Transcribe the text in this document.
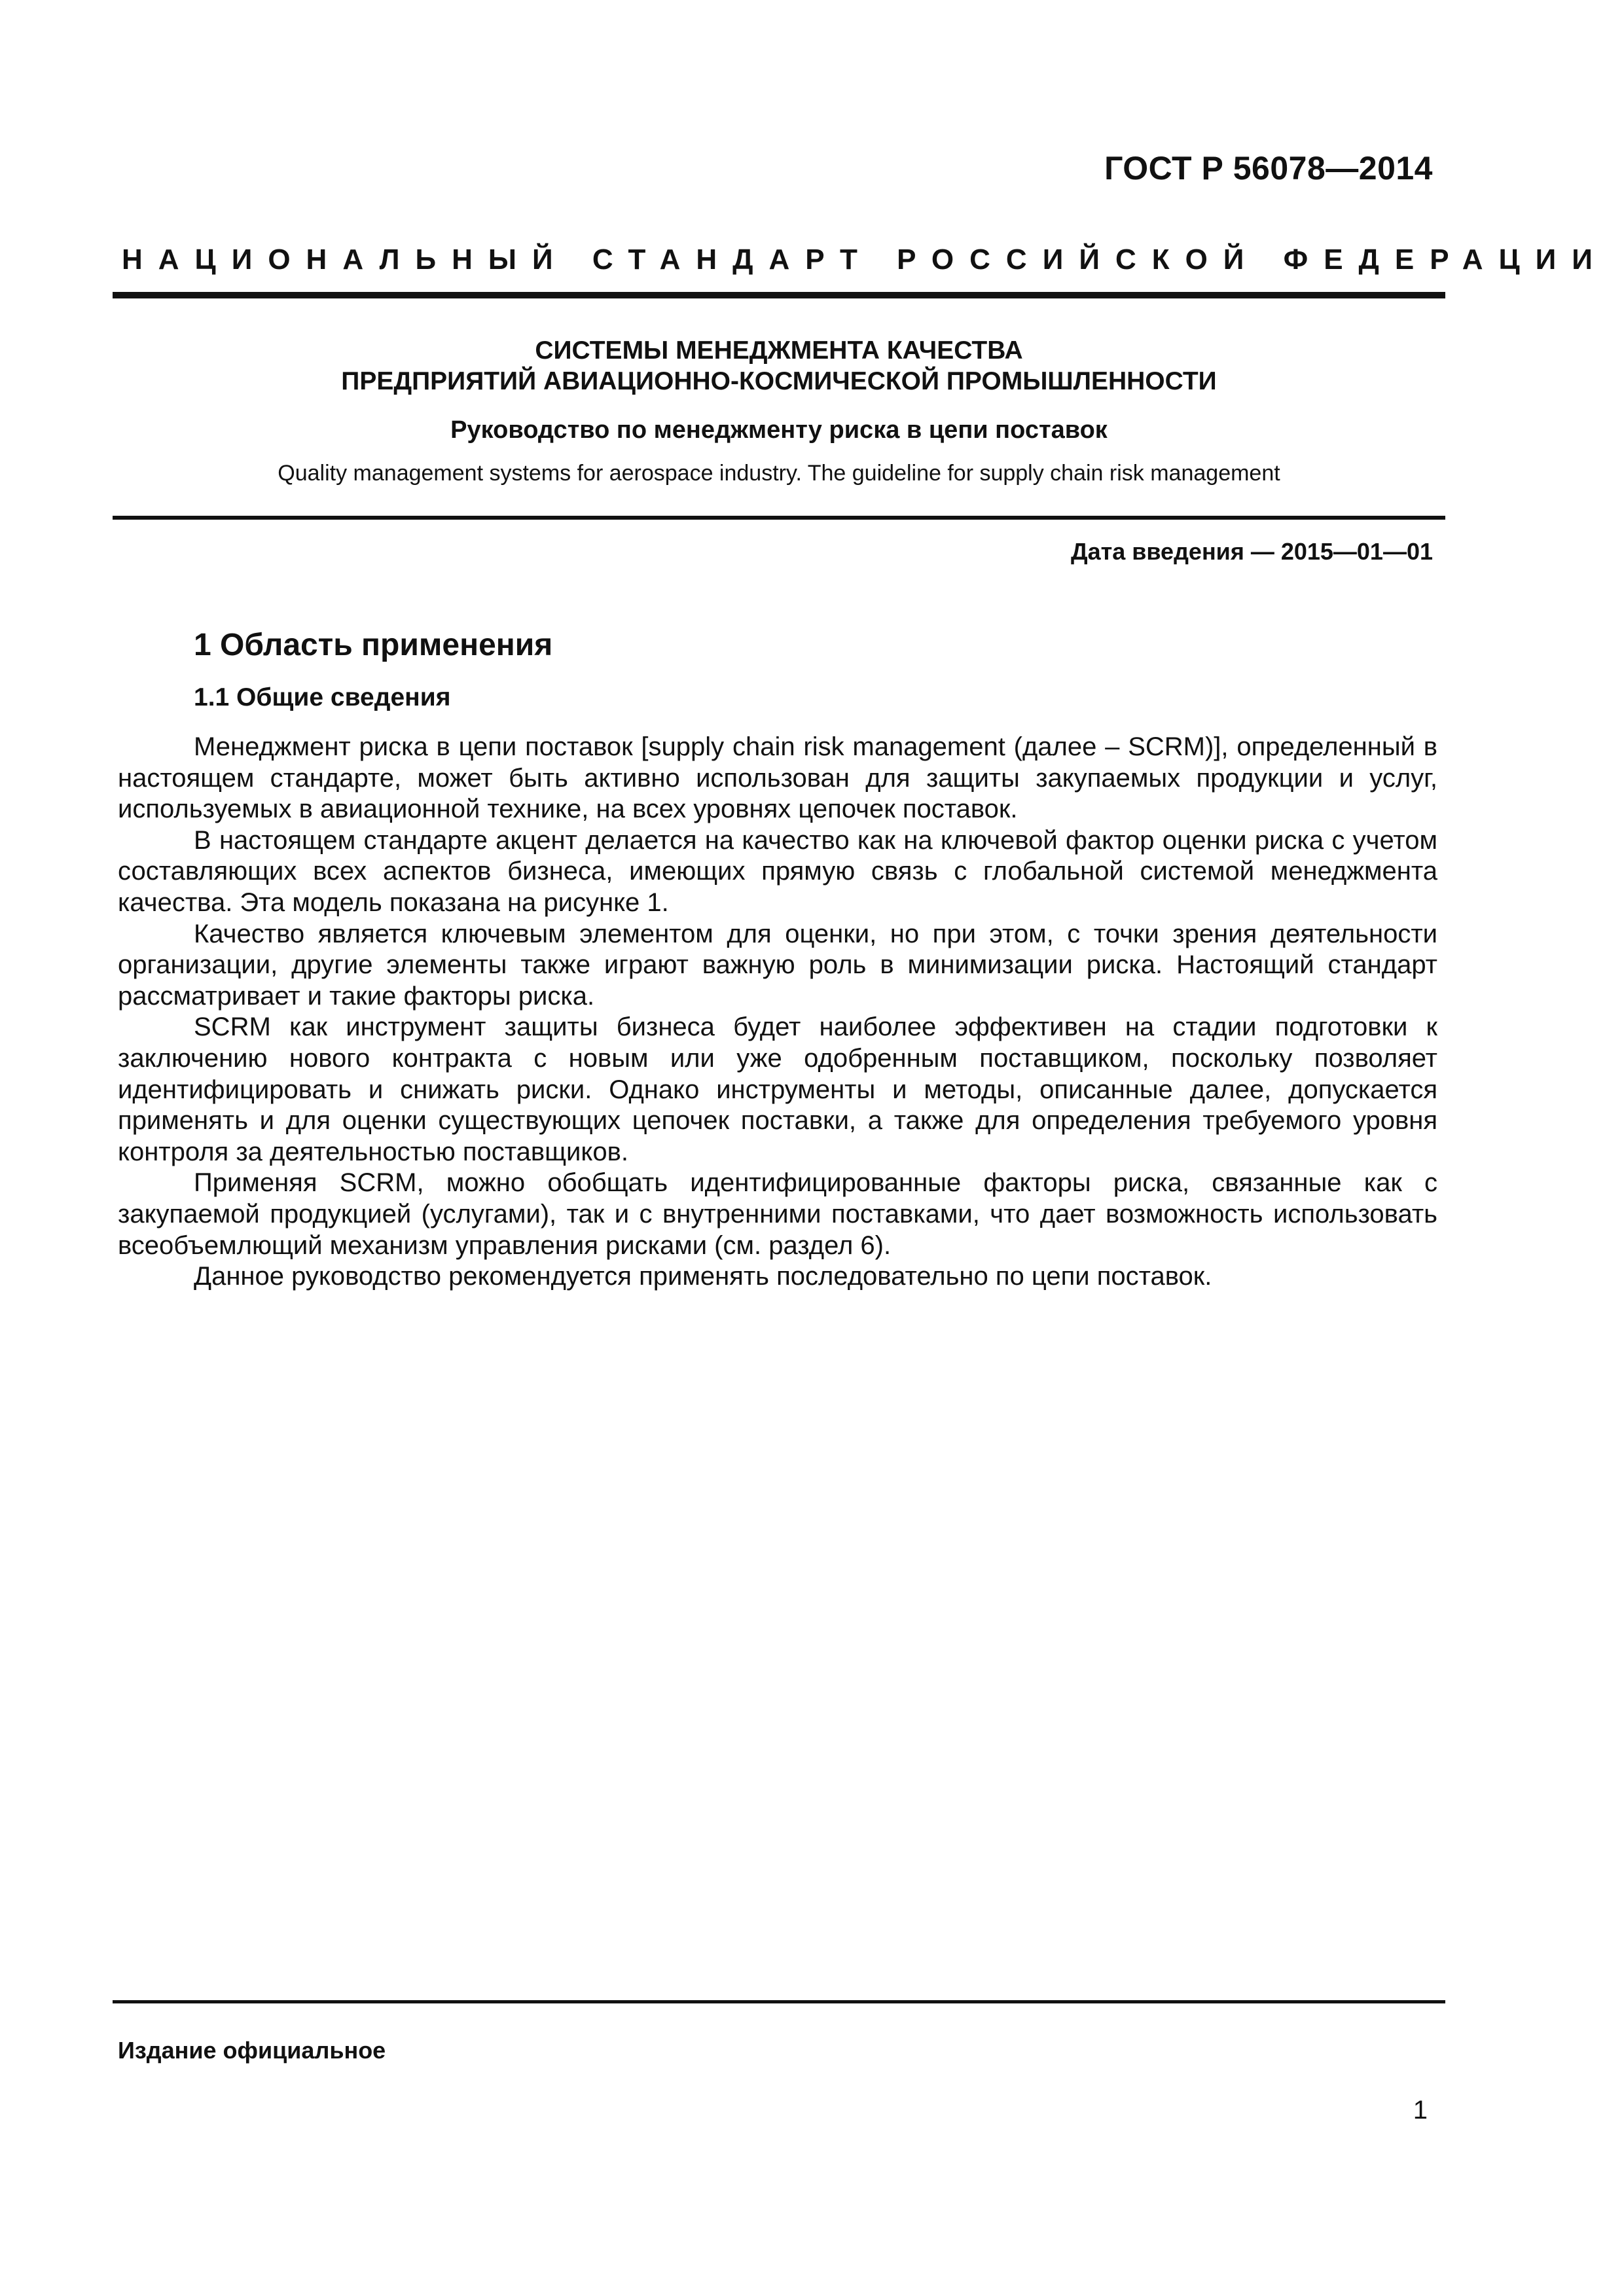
ГОСТ Р 56078—2014
НАЦИОНАЛЬНЫЙ СТАНДАРТ РОССИЙСКОЙ ФЕДЕРАЦИИ
СИСТЕМЫ МЕНЕДЖМЕНТА КАЧЕСТВА
ПРЕДПРИЯТИЙ АВИАЦИОННО-КОСМИЧЕСКОЙ ПРОМЫШЛЕННОСТИ
Руководство по менеджменту риска в цепи поставок
Quality management systems for aerospace industry. The guideline for supply chain risk management
Дата введения — 2015—01—01
1 Область применения
1.1 Общие сведения

Менеджмент риска в цепи поставок [supply chain risk management (далее – SCRM)], определенный в настоящем стандарте, может быть активно использован для защиты закупаемых продукции и услуг, используемых в авиационной технике, на всех уровнях цепочек поставок.

В настоящем стандарте акцент делается на качество как на ключевой фактор оценки риска с учетом составляющих всех аспектов бизнеса, имеющих прямую связь с глобальной системой менеджмента качества. Эта модель показана на рисунке 1.

Качество является ключевым элементом для оценки, но при этом, с точки зрения деятельности организации, другие элементы также играют важную роль в минимизации риска. Настоящий стандарт рассматривает и такие факторы риска.

SCRM как инструмент защиты бизнеса будет наиболее эффективен на стадии подготовки к заключению нового контракта с новым или уже одобренным поставщиком, поскольку позволяет идентифицировать и снижать риски. Однако инструменты и методы, описанные далее, допускается применять и для оценки существующих цепочек поставки, а также для определения требуемого уровня контроля за деятельностью поставщиков.

Применяя SCRM, можно обобщать идентифицированные факторы риска, связанные как с закупаемой продукцией (услугами), так и с внутренними поставками, что дает возможность использовать всеобъемлющий механизм управления рисками (см. раздел 6).

Данное руководство рекомендуется применять последовательно по цепи поставок.

Издание официальное
1
